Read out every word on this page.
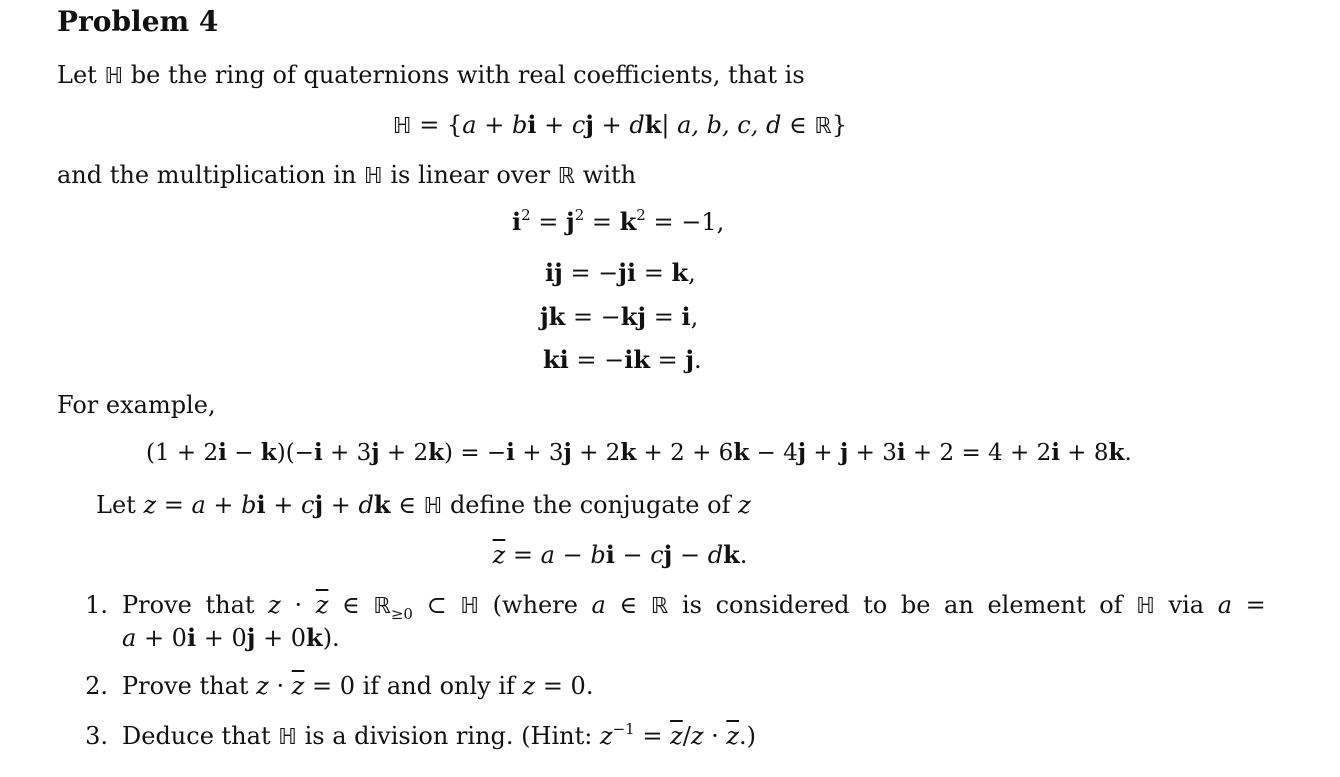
Problem 4
Let ℍ be the ring of quaternions with real coefficients, that is
ℍ = {a + bi + cj + dk| a, b, c, d ∈ ℝ}
and the multiplication in ℍ is linear over ℝ with
$i^2 = j^2 = k^2 = -1$,
ij = −ji = k,
jk = −kj = i,
ki = −ik = j.
For example,
(1 + 2i − k)(−i + 3j + 2k) = −i + 3j + 2k + 2 + 6k − 4j + j + 3i + 2 = 4 + 2i + 8k.
Let z = a + bi + cj + dk ∈ ℍ define the conjugate of z
$\overline{z} = a$ − bi − cj − dk.
1. Prove that $z \cdot \overline{z}$ ∈ ℝ$_{\ge 0}$ ⊂ ℍ (where a ∈ ℝ is considered to be an element of ℍ via a =
a + 0i + 0j + 0k).
2. Prove that $z \cdot \overline{z} = 0$ if and only if z = 0.
3. Deduce that ℍ is a division ring. (Hint: $z^{-1} = \overline{z}/z \cdot \overline{z}$.)
